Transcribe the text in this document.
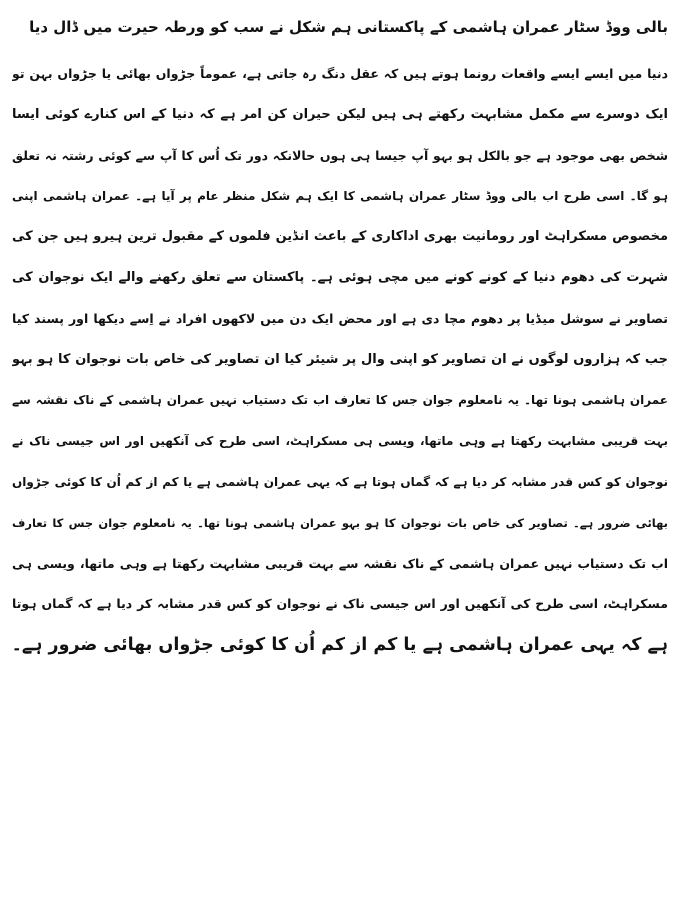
بالی ووڈ سٹار عمران ہاشمی کے پاکستانی ہم شکل نے سب کو ورطہ حیرت میں ڈال دیا
دنیا میں ایسے ایسے واقعات رونما ہوتے ہیں کہ عقل دنگ رہ جاتی ہے، عموماً جڑواں بھائی یا جڑواں بہن تو
ایک دوسرے سے مکمل مشابہت رکھتے ہی ہیں لیکن حیران کن امر ہے کہ دنیا کے اس کنارے کوئی ایسا
شخص بھی موجود ہے جو بالکل ہو بہو آپ جیسا ہی ہوں حالانکہ دور تک اُس کا آپ سے کوئی رشتہ نہ تعلق
ہو گا۔ اسی طرح اب بالی ووڈ سٹار عمران ہاشمی کا ایک ہم شکل منظر عام پر آیا ہے۔ عمران ہاشمی اپنی
مخصوص مسکراہٹ اور رومانیت بھری اداکاری کے باعث انڈین فلموں کے مقبول ترین ہیرو ہیں جن کی
شہرت کی دھوم دنیا کے کونے کونے میں مچی ہوئی ہے۔ پاکستان سے تعلق رکھنے والے ایک نوجوان کی
تصاویر نے سوشل میڈیا پر دھوم مچا دی ہے اور محض ایک دن میں لاکھوں افراد نے اِسے دیکھا اور پسند کیا
جب کہ ہزاروں لوگوں نے ان تصاویر کو اپنی وال پر شیئر کیا ان تصاویر کی خاص بات نوجوان کا ہو بہو
عمران ہاشمی ہونا تھا۔ یہ نامعلوم جوان جس کا تعارف اب تک دستیاب نہیں عمران ہاشمی کے ناک نقشہ سے
بہت قریبی مشابہت رکھتا ہے وہی ماتھا، ویسی ہی مسکراہٹ، اسی طرح کی آنکھیں اور اس جیسی ناک نے
نوجوان کو کس قدر مشابہ کر دیا ہے کہ گماں ہوتا ہے کہ یہی عمران ہاشمی ہے یا کم از کم اُن کا کوئی جڑواں
بھائی ضرور ہے۔ تصاویر کی خاص بات نوجوان کا ہو بہو عمران ہاشمی ہونا تھا۔ یہ نامعلوم جوان جس کا تعارف
اب تک دستیاب نہیں عمران ہاشمی کے ناک نقشہ سے بہت قریبی مشابہت رکھتا ہے وہی ماتھا، ویسی ہی
مسکراہٹ، اسی طرح کی آنکھیں اور اس جیسی ناک نے نوجوان کو کس قدر مشابہ کر دیا ہے کہ گماں ہوتا
ہے کہ یہی عمران ہاشمی ہے یا کم از کم اُن کا کوئی جڑواں بھائی ضرور ہے۔
